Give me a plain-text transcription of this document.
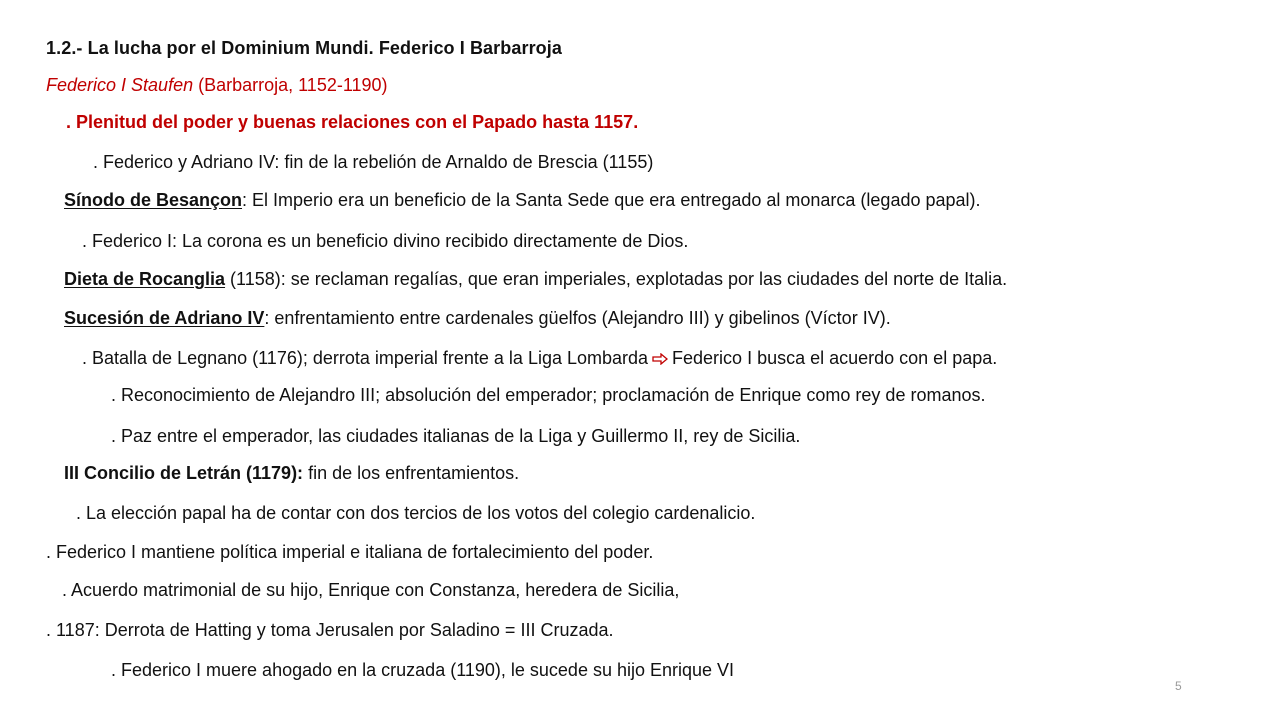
1.2.- La lucha por el Dominium Mundi. Federico I Barbarroja
Federico I Staufen (Barbarroja, 1152-1190)
. Plenitud del poder y buenas relaciones con el Papado hasta 1157.
. Federico y Adriano IV: fin de la rebelión de Arnaldo de Brescia (1155)
Sínodo de Besançon: El Imperio era un beneficio de la Santa Sede que era entregado al monarca (legado papal).
. Federico I: La corona es un beneficio divino recibido directamente de Dios.
Dieta de Rocanglia (1158): se reclaman regalías, que eran imperiales, explotadas por las ciudades del norte de Italia.
Sucesión de Adriano IV: enfrentamiento entre cardenales güelfos (Alejandro III) y gibelinos (Víctor IV).
. Batalla de Legnano (1176); derrota imperial frente a la Liga Lombarda Federico I busca el acuerdo con el papa.
. Reconocimiento de Alejandro III; absolución del emperador; proclamación de Enrique como rey de romanos.
. Paz entre el emperador, las ciudades italianas de la Liga y Guillermo II, rey de Sicilia.
III Concilio de Letrán (1179): fin de los enfrentamientos.
. La elección papal ha de contar con dos tercios de los votos del colegio cardenalicio.
. Federico I mantiene política imperial e italiana de fortalecimiento del poder.
. Acuerdo matrimonial de su hijo, Enrique con Constanza, heredera de Sicilia,
. 1187: Derrota de Hatting y toma Jerusalen por Saladino = III Cruzada.
. Federico I muere ahogado en la cruzada (1190), le sucede su hijo Enrique VI
5
